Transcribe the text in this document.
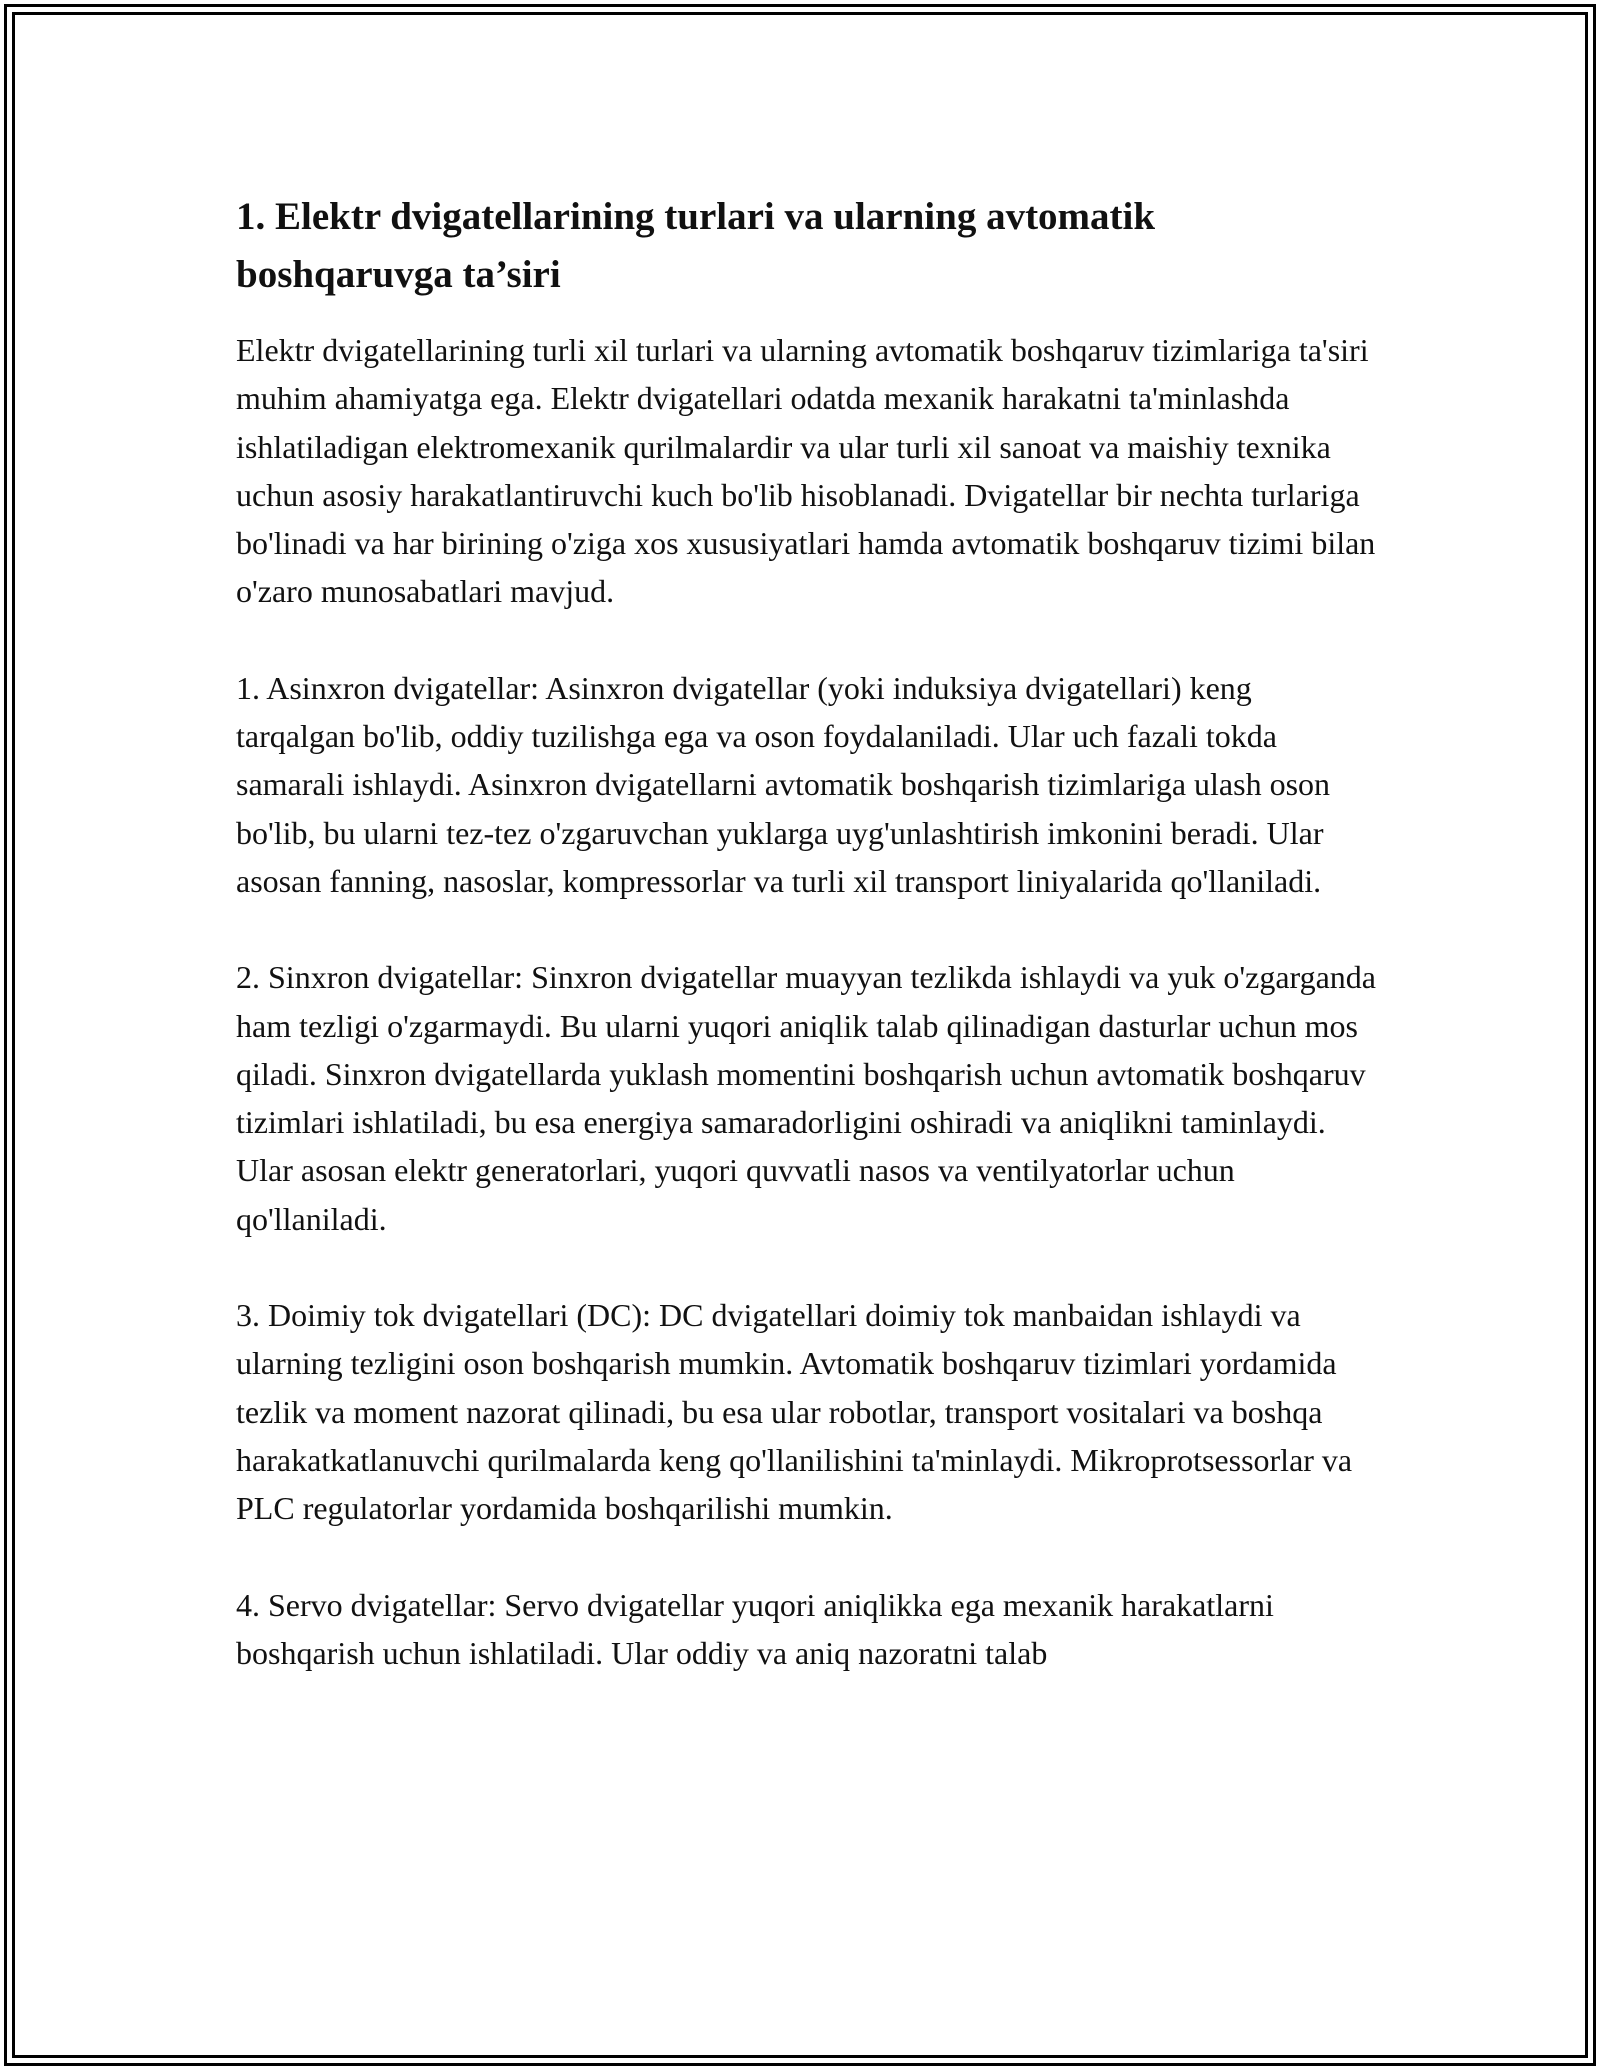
1. Elektr dvigatellarining turlari va ularning avtomatik boshqaruvga ta’siri

Elektr dvigatellarining turli xil turlari va ularning avtomatik boshqaruv tizimlariga ta'siri muhim ahamiyatga ega. Elektr dvigatellari odatda mexanik harakatni ta'minlashda ishlatiladigan elektromexanik qurilmalardir va ular turli xil sanoat va maishiy texnika uchun asosiy harakatlantiruvchi kuch bo'lib hisoblanadi. Dvigatellar bir nechta turlariga bo'linadi va har birining o'ziga xos xususiyatlari hamda avtomatik boshqaruv tizimi bilan o'zaro munosabatlari mavjud.

1. Asinxron dvigatellar: Asinxron dvigatellar (yoki induksiya dvigatellari) keng tarqalgan bo'lib, oddiy tuzilishga ega va oson foydalaniladi. Ular uch fazali tokda samarali ishlaydi. Asinxron dvigatellarni avtomatik boshqarish tizimlariga ulash oson bo'lib, bu ularni tez-tez o'zgaruvchan yuklarga uyg'unlashtirish imkonini beradi. Ular asosan fanning, nasoslar, kompressorlar va turli xil transport liniyalarida qo'llaniladi.

2. Sinxron dvigatellar: Sinxron dvigatellar muayyan tezlikda ishlaydi va yuk o'zgarganda ham tezligi o'zgarmaydi. Bu ularni yuqori aniqlik talab qilinadigan dasturlar uchun mos qiladi. Sinxron dvigatellarda yuklash momentini boshqarish uchun avtomatik boshqaruv tizimlari ishlatiladi, bu esa energiya samaradorligini oshiradi va aniqlikni taminlaydi. Ular asosan elektr generatorlari, yuqori quvvatli nasos va ventilyatorlar uchun qo'llaniladi.

3. Doimiy tok dvigatellari (DC): DC dvigatellari doimiy tok manbaidan ishlaydi va ularning tezligini oson boshqarish mumkin. Avtomatik boshqaruv tizimlari yordamida tezlik va moment nazorat qilinadi, bu esa ular robotlar, transport vositalari va boshqa harakatkatlanuvchi qurilmalarda keng qo'llanilishini ta'minlaydi. Mikroprotsessorlar va PLC regulatorlar yordamida boshqarilishi mumkin.

4. Servo dvigatellar: Servo dvigatellar yuqori aniqlikka ega mexanik harakatlarni boshqarish uchun ishlatiladi. Ular oddiy va aniq nazoratni talab
